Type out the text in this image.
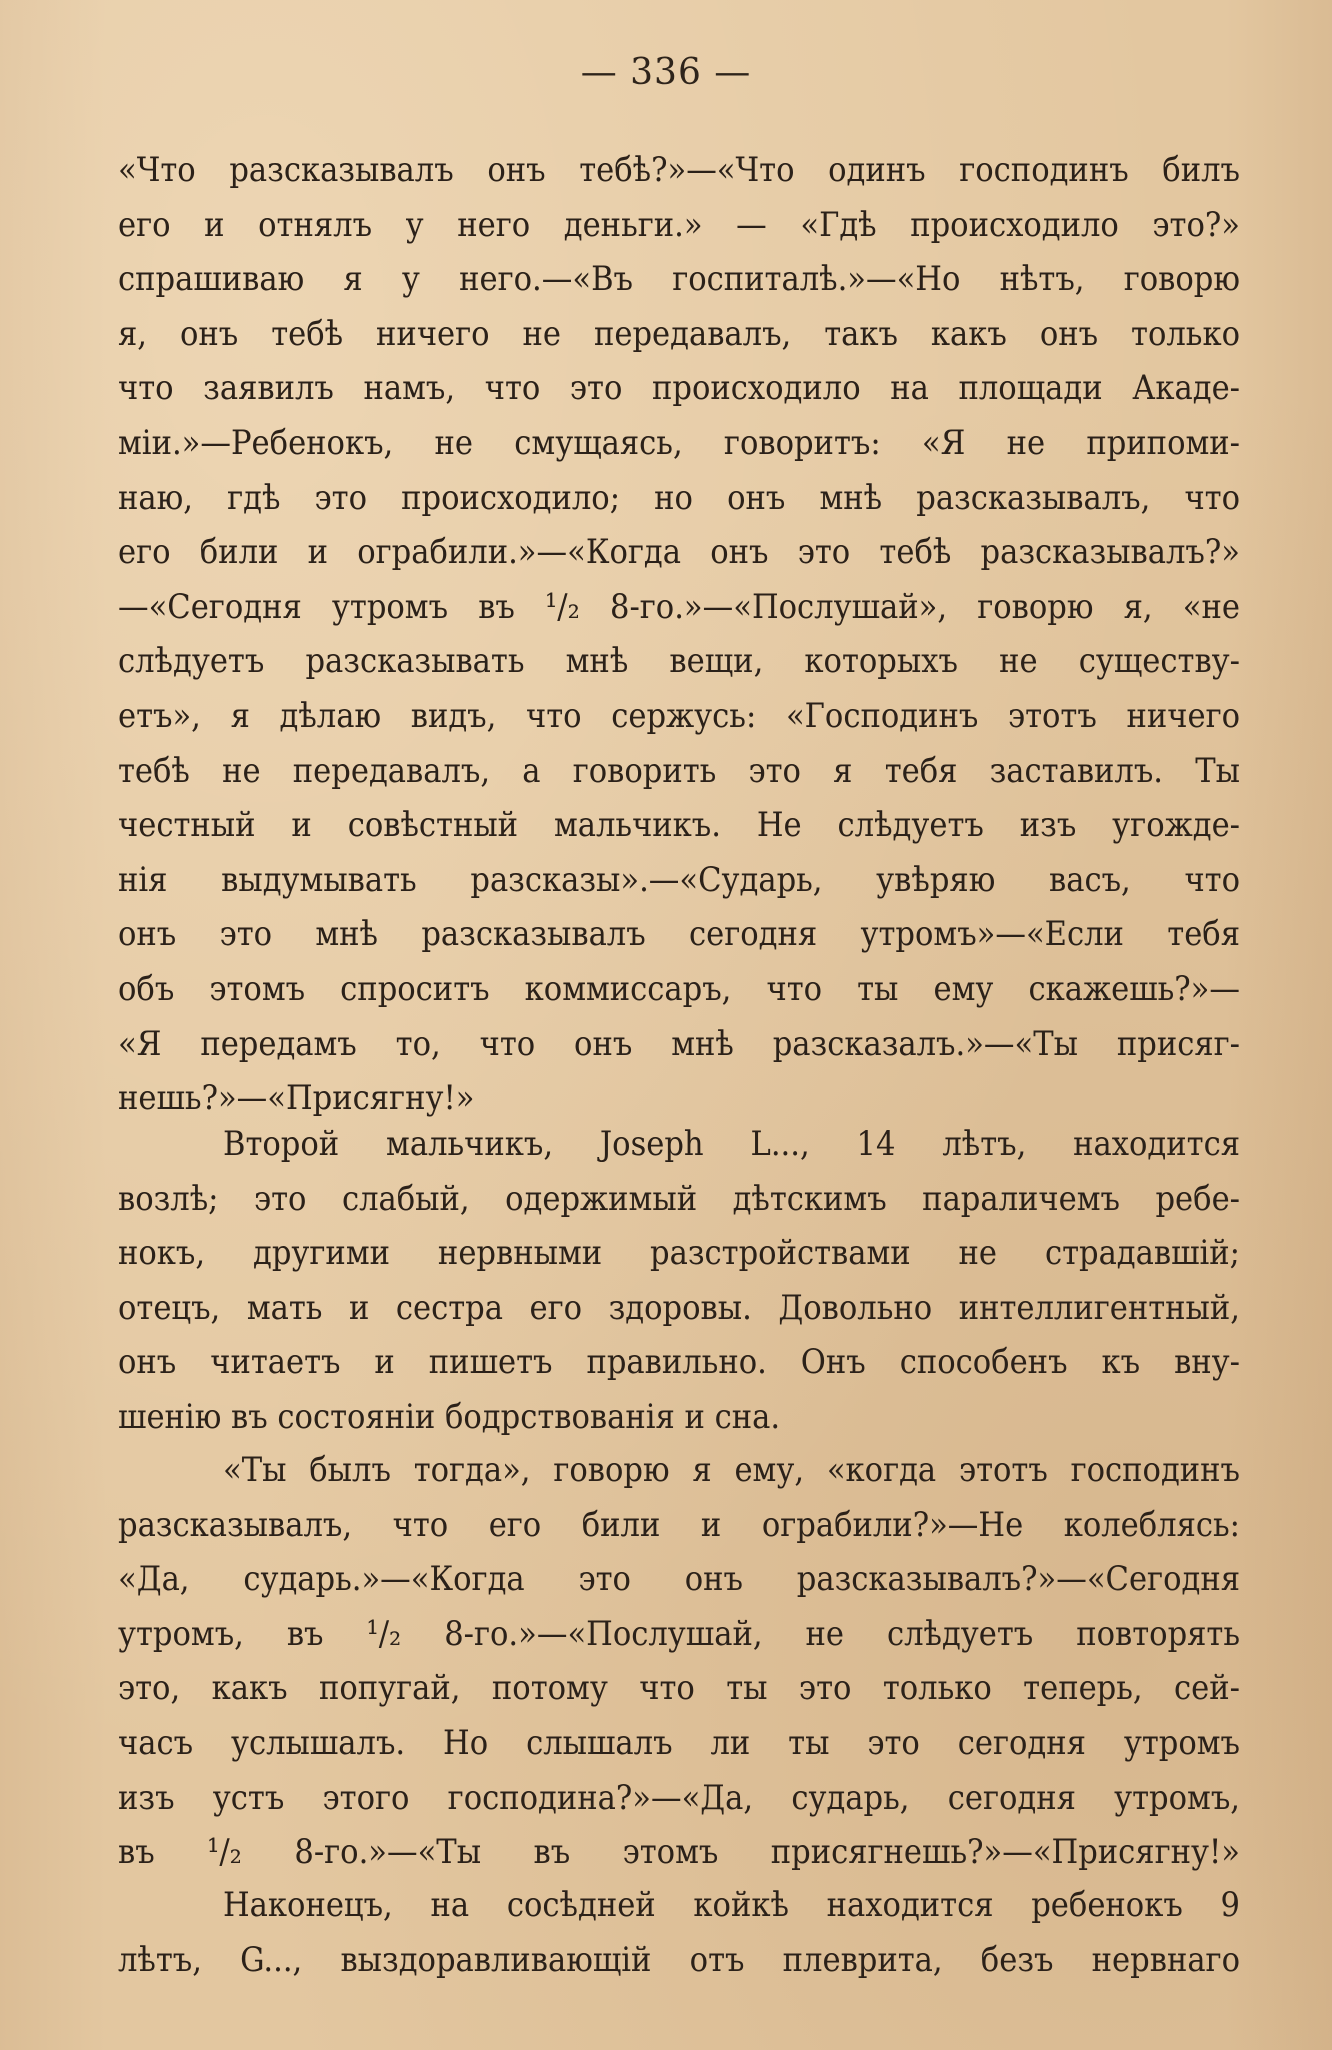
— 336 —
«Что разсказывалъ онъ тебѣ?»—«Что одинъ господинъ билъ
его и отнялъ у него деньги.» — «Гдѣ происходило это?»
спрашиваю я у него.—«Въ госпиталѣ.»—«Но нѣтъ, говорю
я, онъ тебѣ ничего не передавалъ, такъ какъ онъ только
что заявилъ намъ, что это происходило на площади Акаде-
міи.»—Ребенокъ, не смущаясь, говоритъ: «Я не припоми-
наю, гдѣ это происходило; но онъ мнѣ разсказывалъ, что
его били и ограбили.»—«Когда онъ это тебѣ разсказывалъ?»
—«Сегодня утромъ въ ¹/₂ 8-го.»—«Послушай», говорю я, «не
слѣдуетъ разсказывать мнѣ вещи, которыхъ не существу-
етъ», я дѣлаю видъ, что сержусь: «Господинъ этотъ ничего
тебѣ не передавалъ, а говорить это я тебя заставилъ. Ты
честный и совѣстный мальчикъ. Не слѣдуетъ изъ угожде-
нія выдумывать разсказы».—«Сударь, увѣряю васъ, что
онъ это мнѣ разсказывалъ сегодня утромъ»—«Если тебя
объ этомъ спроситъ коммиссаръ, что ты ему скажешь?»—
«Я передамъ то, что онъ мнѣ разсказалъ.»—«Ты присяг-
нешь?»—«Присягну!»
Второй мальчикъ, Joseph L..., 14 лѣтъ, находится
возлѣ; это слабый, одержимый дѣтскимъ параличемъ ребе-
нокъ, другими нервными разстройствами не страдавшій;
отецъ, мать и сестра его здоровы. Довольно интеллигентный,
онъ читаетъ и пишетъ правильно. Онъ способенъ къ вну-
шенію въ состояніи бодрствованія и сна.
«Ты былъ тогда», говорю я ему, «когда этотъ господинъ
разсказывалъ, что его били и ограбили?»—Не колеблясь:
«Да, сударь.»—«Когда это онъ разсказывалъ?»—«Сегодня
утромъ, въ ¹/₂ 8-го.»—«Послушай, не слѣдуетъ повторять
это, какъ попугай, потому что ты это только теперь, сей-
часъ услышалъ. Но слышалъ ли ты это сегодня утромъ
изъ устъ этого господина?»—«Да, сударь, сегодня утромъ,
въ ¹/₂ 8-го.»—«Ты въ этомъ присягнешь?»—«Присягну!»
Наконецъ, на сосѣдней койкѣ находится ребенокъ 9
лѣтъ, G..., выздоравливающій отъ плеврита, безъ нервнаго
